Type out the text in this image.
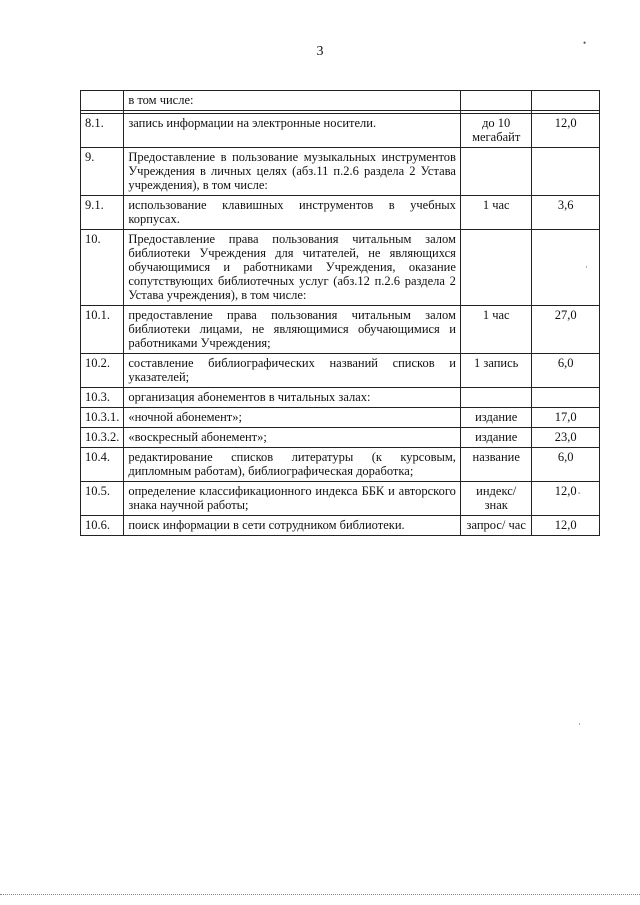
3
•
·
·
˛
	в том числе:		

8.1.	запись информации на электронные носители.	до 10 мегабайт	12,0
9.	Предоставление в пользование музыкальных инструментов Учреждения в личных целях (абз.11 п.2.6 раздела 2 Устава учреждения), в том числе:		
9.1.	использование клавишных инструментов в учебных корпусах.	1 час	3,6
10.	Предоставление права пользования читальным залом библиотеки Учреждения для читателей, не являющихся обучающимися и работниками Учреждения, оказание сопутствующих библиотечных услуг (абз.12 п.2.6 раздела 2 Устава учреждения), в том числе:		
10.1.	предоставление права пользования читальным залом библиотеки лицами, не являющимися обучающимися и работниками Учреждения;	1 час	27,0
10.2.	составление библиографических названий списков и указателей;	1 запись	6,0
10.3.	организация абонементов в читальных залах:		
10.3.1.	«ночной абонемент»;	издание	17,0
10.3.2.	«воскресный абонемент»;	издание	23,0
10.4.	редактирование списков литературы (к курсовым, дипломным работам), библиографическая доработка;	название	6,0
10.5.	определение классификационного индекса ББК и авторского знака научной работы;	индекс/ знак	12,0
10.6.	поиск информации в сети сотрудником библиотеки.	запрос/ час	12,0
